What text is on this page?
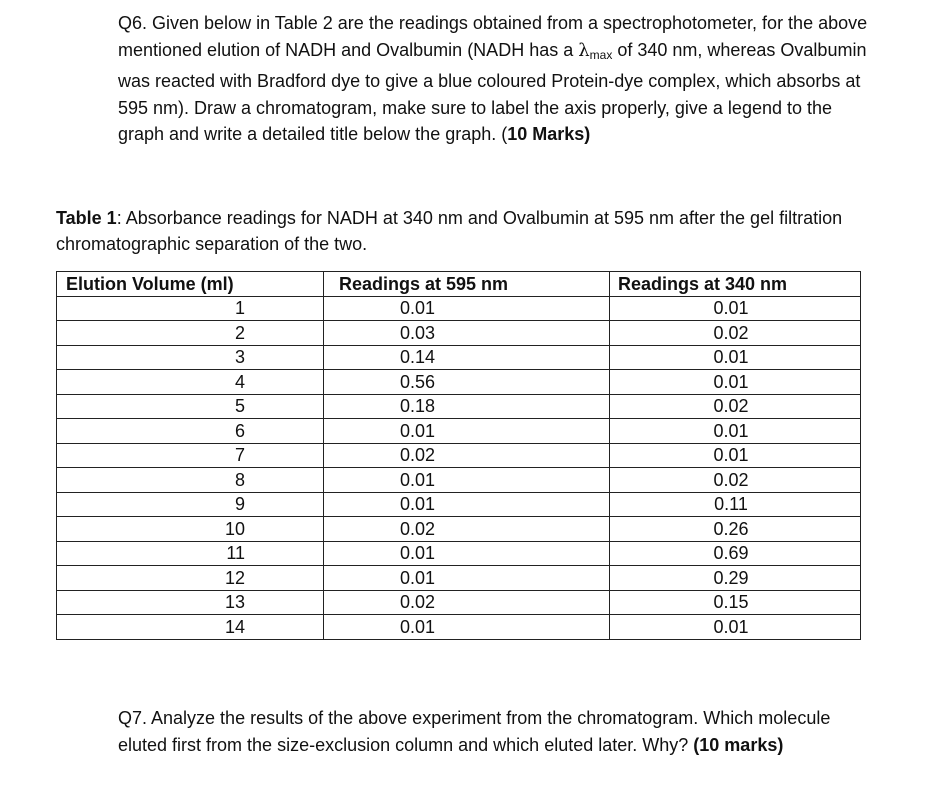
Q6. Given below in Table 2 are the readings obtained from a spectrophotometer, for the above mentioned elution of NADH and Ovalbumin (NADH has a $\lambda_{max}$ of 340 nm, whereas Ovalbumin was reacted with Bradford dye to give a blue coloured Protein-dye complex, which absorbs at 595 nm). Draw a chromatogram, make sure to label the axis properly, give a legend to the graph and write a detailed title below the graph. (10 Marks)
Table 1: Absorbance readings for NADH at 340 nm and Ovalbumin at 595 nm after the gel filtration chromatographic separation of the two.
Elution Volume (ml)	Readings at 595 nm	Readings at 340 nm
1	0.01	0.01
2	0.03	0.02
3	0.14	0.01
4	0.56	0.01
5	0.18	0.02
6	0.01	0.01
7	0.02	0.01
8	0.01	0.02
9	0.01	0.11
10	0.02	0.26
11	0.01	0.69
12	0.01	0.29
13	0.02	0.15
14	0.01	0.01
Q7. Analyze the results of the above experiment from the chromatogram. Which molecule eluted first from the size-exclusion column and which eluted later. Why? (10 marks)
